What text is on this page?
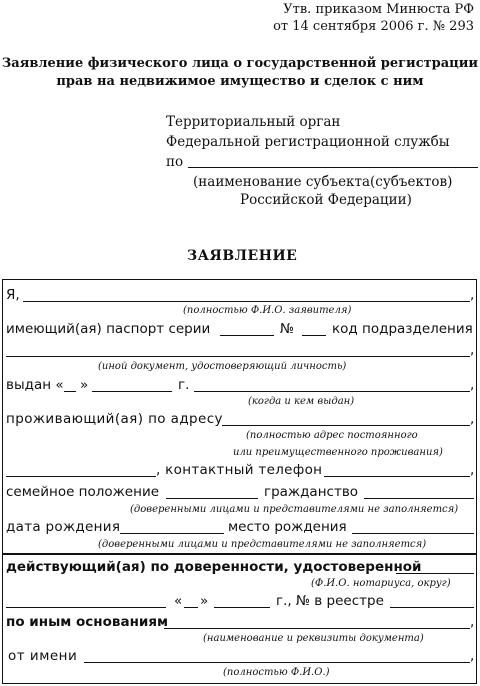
Утв. приказом Минюста РФ
от 14 сентября 2006 г. № 293
Заявление физического лица о государственной регистрации
прав на недвижимое имущество и сделок с ним
Территориальный орган
Федеральной регистрационной службы
по
(наименование субъекта(субъектов)
Российской Федерации)
ЗАЯВЛЕНИЕ
Я,	,
(полностью Ф.И.О. заявителя)
имеющий(ая) паспорт серии	№	код подразделения
,
(иной документ, удостоверяющий личность)
выдан « »	г.	,
(когда и кем выдан)
проживающий(ая) по адресу	,
(полностью адрес постоянного
или преимущественного проживания)
, контактный телефон	,
семейное положение	гражданство
(доверенными лицами и представителями не заполняется)
дата рождения	место рождения
(доверенными лицами и представителями не заполняется)
действующий(ая) по доверенности, удостоверенной
(Ф.И.О. нотариуса, округ)
« »	г., № в реестре
по иным основаниям	,
(наименование и реквизиты документа)
от имени	,
(полностью Ф.И.О.)
